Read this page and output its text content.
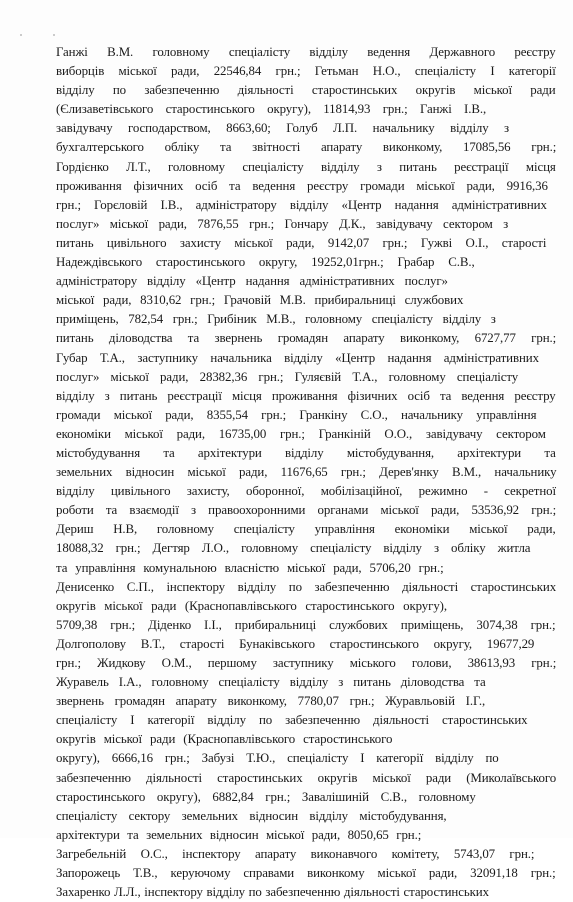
Ганжі В.М. головному спеціалісту відділу ведення Державного реєстру
виборців міської ради, 22546,84 грн.; Гетьман Н.О., спеціалісту I категорії
відділу по забезпеченню діяльності старостинських округів міської ради
(Єлизаветівського старостинського округу), 11814,93 грн.; Ганжі І.В.,
завідувачу господарством, 8663,60; Голуб Л.П. начальнику відділу з
бухгалтерського обліку та звітності апарату виконкому, 17085,56 грн.;
Гордієнко Л.Т., головному спеціалісту відділу з питань реєстрації місця
проживання фізичних осіб та ведення реєстру громади міської ради, 9916,36
грн.; Горєловій І.В., адміністратору відділу «Центр надання адміністративних
послуг» міської ради, 7876,55 грн.; Гончару Д.К., завідувачу сектором з
питань цивільного захисту міської ради, 9142,07 грн.; Гужві О.І., старості
Надеждівського старостинського округу, 19252,01грн.; Грабар С.В.,
адміністратору відділу «Центр надання адміністративних послуг»
міської ради, 8310,62 грн.; Грачовій М.В. прибиральниці службових
приміщень, 782,54 грн.; Грибіник М.В., головному спеціалісту відділу з
питань діловодства та звернень громадян апарату виконкому, 6727,77 грн.;
Губар Т.А., заступнику начальника відділу «Центр надання адміністративних
послуг» міської ради, 28382,36 грн.; Гуляєвій Т.А., головному спеціалісту
відділу з питань реєстрації місця проживання фізичних осіб та ведення реєстру
громади міської ради, 8355,54 грн.; Гранкіну С.О., начальнику управління
економіки міської ради, 16735,00 грн.; Гранкіній О.О., завідувачу сектором
містобудування та архітектури відділу містобудування, архітектури та
земельних відносин міської ради, 11676,65 грн.; Дерев'янку В.М., начальнику
відділу цивільного захисту, оборонної, мобілізаційної, режимно - секретної
роботи та взаємодії з правоохоронними органами міської ради, 53536,92 грн.;
Дериш Н.В, головному спеціалісту управління економіки міської ради,
18088,32 грн.; Дегтяр Л.О., головному спеціалісту відділу з обліку житла
та управління комунальною власністю міської ради, 5706,20 грн.;
Денисенко С.П., інспектору відділу по забезпеченню діяльності старостинських
округів міської ради (Краснопавлівського старостинського округу),
5709,38 грн.; Діденко І.І., прибиральниці службових приміщень, 3074,38 грн.;
Долгополову В.Т., старості Бунаківського старостинського округу, 19677,29
грн.; Жидкову О.М., першому заступнику міського голови, 38613,93 грн.;
Журавель І.А., головному спеціалісту відділу з питань діловодства та
звернень громадян апарату виконкому, 7780,07 грн.; Журавльовій І.Г.,
спеціалісту I категорії відділу по забезпеченню діяльності старостинських
округів міської ради (Краснопавлівського старостинського
округу), 6666,16 грн.; Забузі Т.Ю., спеціалісту I категорії відділу по
забезпеченню діяльності старостинських округів міської ради (Миколаївського
старостинського округу), 6882,84 грн.; Завалішиній С.В., головному
спеціалісту сектору земельних відносин відділу містобудування,
архітектури та земельних відносин міської ради, 8050,65 грн.;
Загребельній О.С., інспектору апарату виконавчого комітету, 5743,07 грн.;
Запорожець Т.В., керуючому справами виконкому міської ради, 32091,18 грн.;
Захаренко Л.Л., інспектору відділу по забезпеченню діяльності старостинських
